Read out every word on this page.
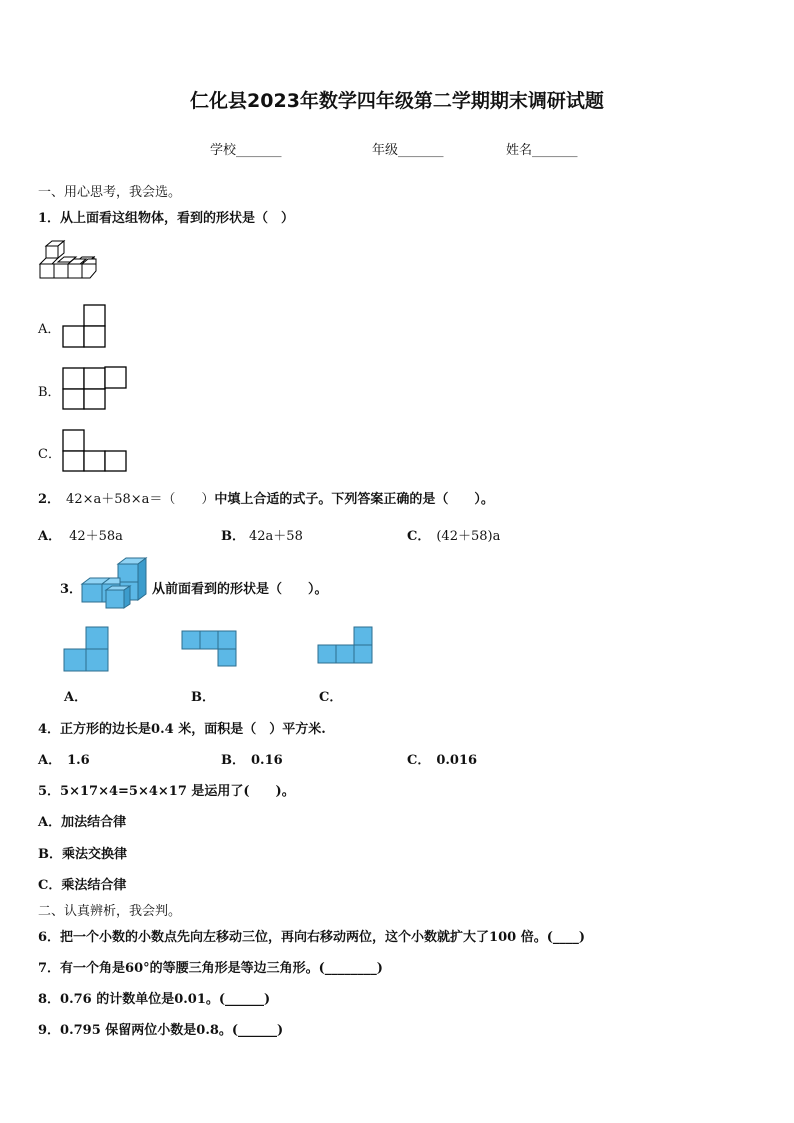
仁化县2023年数学四年级第二学期期末调研试题
学校_______	年级_______	姓名_______
一、用心思考，我会选。
1．从上面看这组物体，看到的形状是（　）
A．
B．
C．
2． 42×a＋58×a＝（　　）中填上合适的式子。下列答案正确的是（　　）。
A． 42＋58a	B． 42a＋58	C． (42＋58)a
3．	从前面看到的形状是（　　）。
A．	B．	C．
4．正方形的边长是0.4 米，面积是（　）平方米.
A． 1.6	B． 0.16	C． 0.016
5．5×17×4=5×4×17 是运用了(　　)。
A．加法结合律
B．乘法交换律
C．乘法结合律
二、认真辨析，我会判。
6．把一个小数的小数点先向左移动三位，再向右移动两位，这个小数就扩大了100 倍。(____)
7．有一个角是60°的等腰三角形是等边三角形。(________)
8．0.76 的计数单位是0.01。(______)
9．0.795 保留两位小数是0.8。(______)
